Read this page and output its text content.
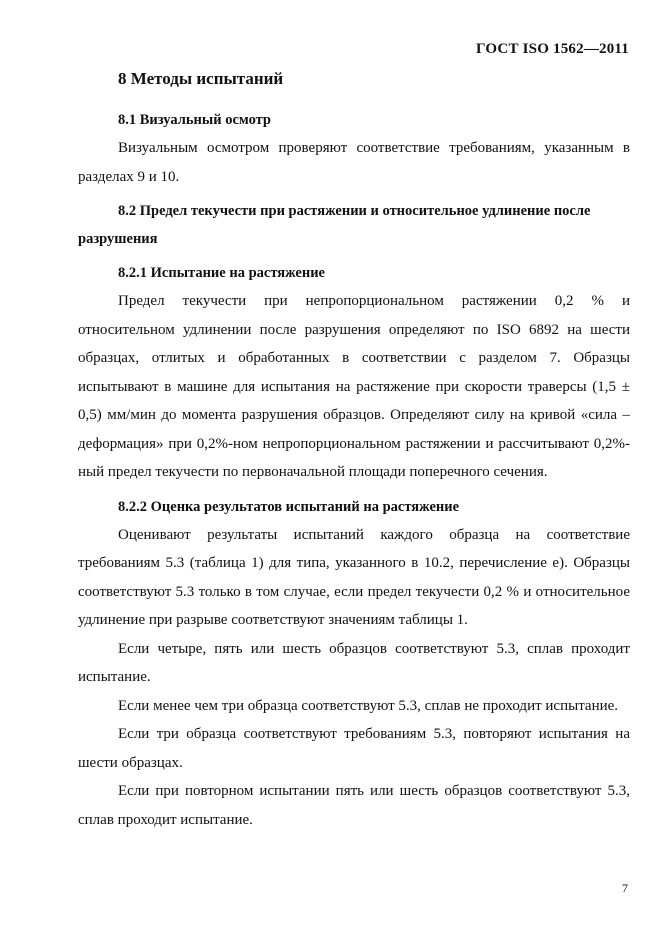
ГОСТ ISO 1562—2011
8 Методы испытаний
8.1 Визуальный осмотр

Визуальным осмотром проверяют соответствие требованиям, указанным в разделах 9 и 10.

8.2 Предел текучести при растяжении и относительное удлинение после разрушения
8.2.1 Испытание на растяжение

Предел текучести при непропорциональном растяжении 0,2 % и относительном удлинении после разрушения определяют по ISO 6892 на шести образцах, отлитых и обработанных в соответствии с разделом 7. Образцы испытывают в машине для испытания на растяжение при скорости траверсы (1,5 ± 0,5) мм/мин до момента разрушения образцов. Определяют силу на кривой «сила – деформация» при 0,2%-ном непропорциональном растяжении и рассчитывают 0,2%-ный предел текучести по первоначальной площади поперечного сечения.

8.2.2 Оценка результатов испытаний на растяжение

Оценивают результаты испытаний каждого образца на соответствие требованиям 5.3 (таблица 1) для типа, указанного в 10.2, перечисление е). Образцы соответствуют 5.3 только в том случае, если предел текучести 0,2 % и относительное удлинение при разрыве соответствуют значениям таблицы 1.

Если четыре, пять или шесть образцов соответствуют 5.3, сплав проходит испытание.

Если менее чем три образца соответствуют 5.3, сплав не проходит испытание.

Если три образца соответствуют требованиям 5.3, повторяют испытания на шести образцах.

Если при повторном испытании пять или шесть образцов соответствуют 5.3, сплав проходит испытание.

7
